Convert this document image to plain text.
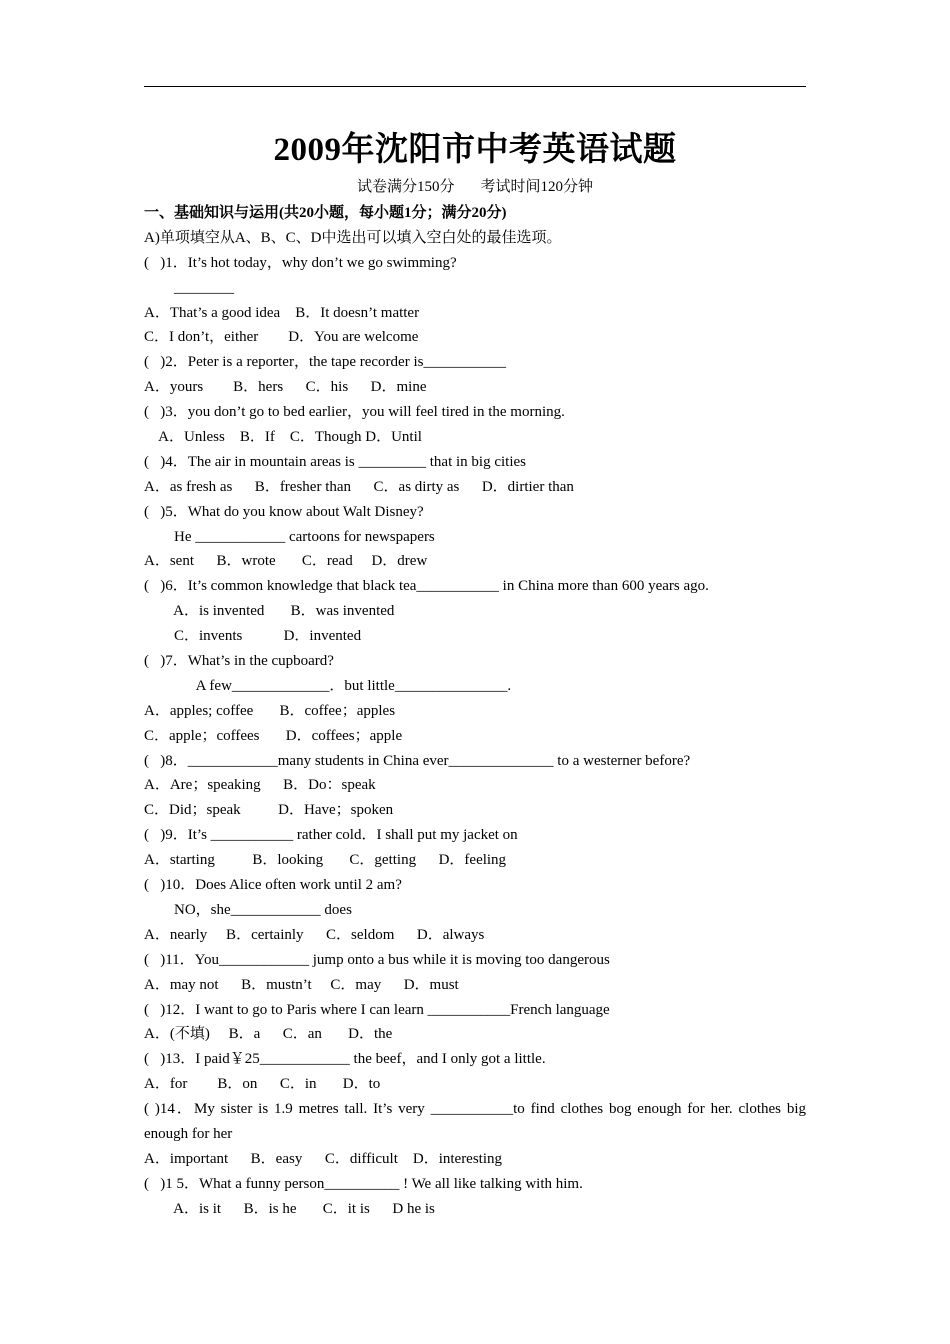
2009年沈阳市中考英语试题
试卷满分150分 考试时间120分钟
一、基础知识与运用(共20小题，每小题1分；满分20分)
A)单项填空从A、B、C、D中选出可以填入空白处的最佳选项。
(   )1．It’s hot today，why don’t we go swimming?
________
A．That’s a good idea    B．It doesn’t matter
C．I don’t，either        D．You are welcome
(   )2．Peter is a reporter，the tape recorder is___________
A．yours        B．hers      C．his      D．mine
(   )3．you don’t go to bed earlier，you will feel tired in the morning.
A．Unless    B．If    C．Though D．Until
(   )4．The air in mountain areas is _________ that in big cities
A．as fresh as      B．fresher than      C．as dirty as      D．dirtier than
(   )5．What do you know about Walt Disney?
He ____________ cartoons for newspapers
A．sent      B．wrote       C．read     D．drew
(   )6．It’s common knowledge that black tea___________ in China more than 600 years ago.
A．is invented       B．was invented
C．invents           D．invented
(   )7．What’s in the cupboard?
A few_____________．but little_______________.
A．apples; coffee       B．coffee；apples
C．apple；coffees       D．coffees；apple
(   )8．____________many students in China ever______________ to a westerner before?
A．Are；speaking      B．Do：speak
C．Did；speak          D．Have；spoken
(   )9．It’s ___________ rather cold．I shall put my jacket on
A．starting          B．looking       C．getting      D．feeling
(   )10．Does Alice often work until 2 am?
NO，she____________ does
A．nearly     B．certainly      C．seldom      D．always
(   )11．You____________ jump onto a bus while it is moving too dangerous
A．may not      B．mustn’t     C．may      D．must
(   )12．I want to go to Paris where I can learn ___________French language
A．(不填)     B．a      C．an       D．the
(   )13．I paid￥25____________ the beef，and I only got a little.
A．for        B．on      C．in       D．to
( )14．My sister is 1.9 metres tall. It’s very ___________to find clothes bog enough for her. clothes big enough for her
A．important      B．easy      C．difficult    D．interesting
(   )1 5．What a funny person__________ ! We all like talking with him.
A．is it      B．is he       C．it is      D he is
